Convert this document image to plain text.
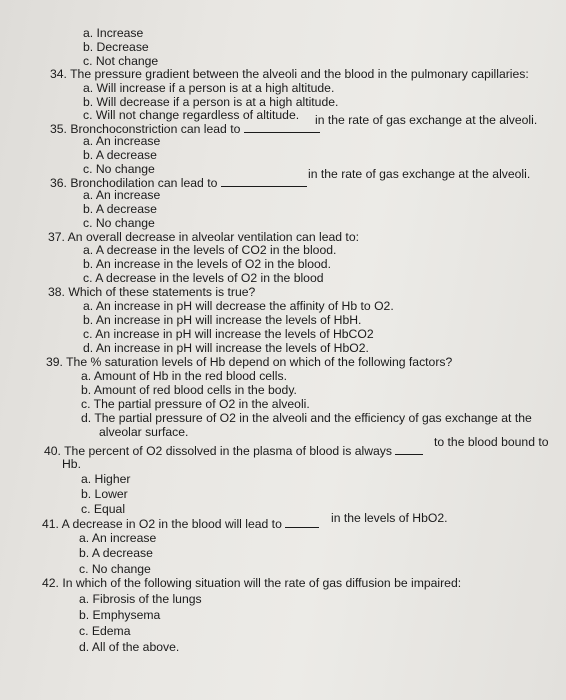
a. Increase
b. Decrease
c. Not change
34. The pressure gradient between the alveoli and the blood in the pulmonary capillaries:
a. Will increase if a person is at a high altitude.
b. Will decrease if a person is at a high altitude.
c. Will not change regardless of altitude.
35. Bronchoconstriction can lead to
in the rate of gas exchange at the alveoli.
a. An increase
b. A decrease
c. No change
36. Bronchodilation can lead to
in the rate of gas exchange at the alveoli.
a. An increase
b. A decrease
c. No change
37. An overall decrease in alveolar ventilation can lead to:
a. A decrease in the levels of CO2 in the blood.
b. An increase in the levels of O2 in the blood.
c. A decrease in the levels of O2 in the blood
38. Which of these statements is true?
a. An increase in pH will decrease the affinity of Hb to O2.
b. An increase in pH will increase the levels of HbH.
c. An increase in pH will increase the levels of HbCO2
d. An increase in pH will increase the levels of HbO2.
39. The % saturation levels of Hb depend on which of the following factors?
a. Amount of Hb in the red blood cells.
b. Amount of red blood cells in the body.
c. The partial pressure of O2 in the alveoli.
d. The partial pressure of O2 in the alveoli and the efficiency of gas exchange at the
alveolar surface.
40. The percent of O2 dissolved in the plasma of blood is always
to the blood bound to
Hb.
a. Higher
b. Lower
c. Equal
41. A decrease in O2 in the blood will lead to	in the levels of HbO2.
a. An increase
b. A decrease
c. No change
42. In which of the following situation will the rate of gas diffusion be impaired:
a. Fibrosis of the lungs
b. Emphysema
c. Edema
d. All of the above.
